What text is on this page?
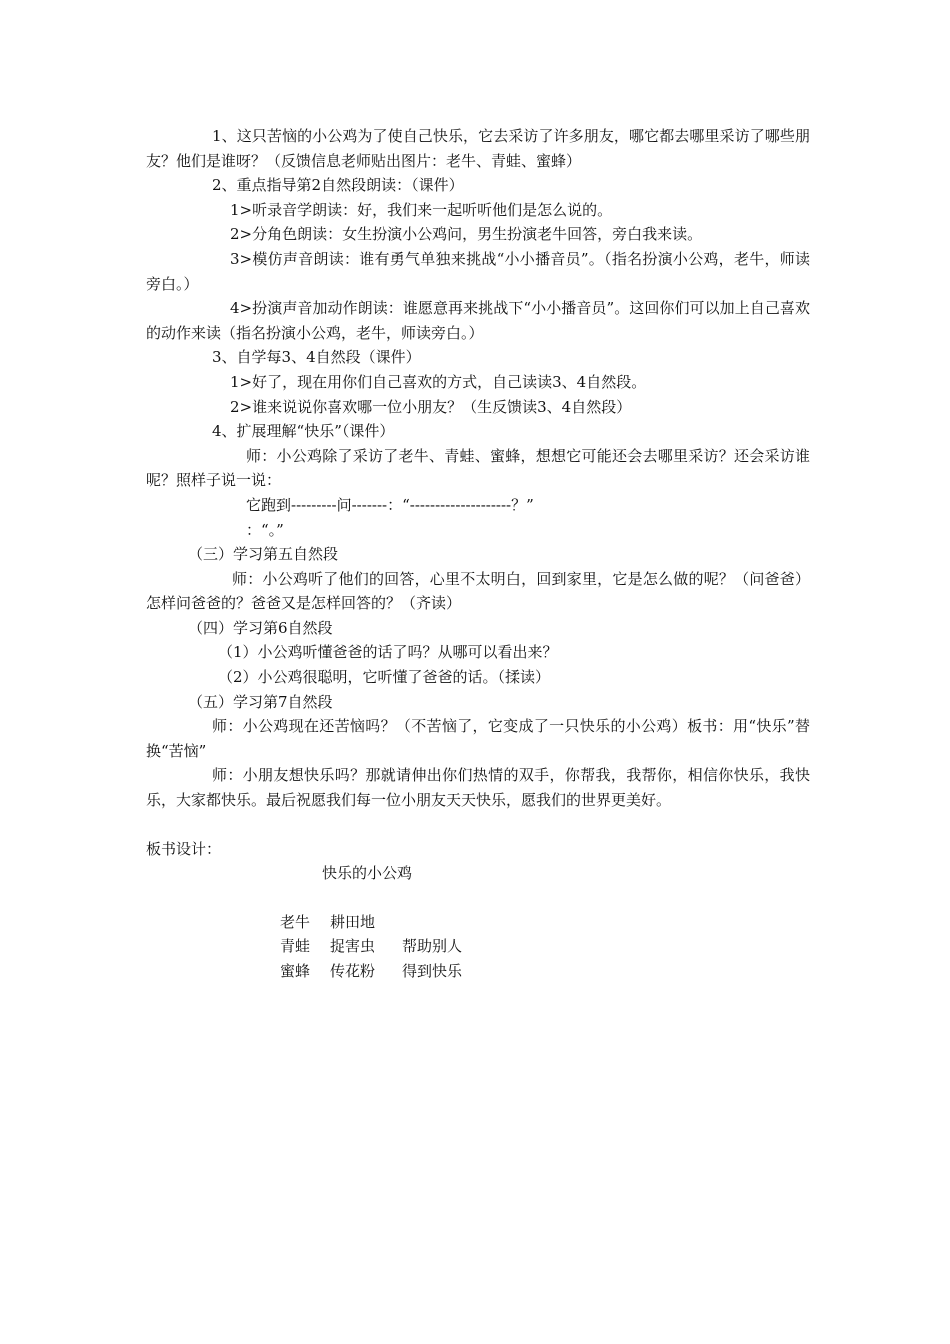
1、这只苦恼的小公鸡为了使自己快乐，它去采访了许多朋友，哪它都去哪里采访了哪些朋友？他们是谁呀？（反馈信息老师贴出图片：老牛、青蛙、蜜蜂）

2、重点指导第2自然段朗读：（课件）

1>听录音学朗读：好，我们来一起听听他们是怎么说的。

2>分角色朗读：女生扮演小公鸡问，男生扮演老牛回答，旁白我来读。

3>模仿声音朗读：谁有勇气单独来挑战“小小播音员”。（指名扮演小公鸡，老牛，师读旁白。）

4>扮演声音加动作朗读：谁愿意再来挑战下“小小播音员”。这回你们可以加上自己喜欢的动作来读（指名扮演小公鸡，老牛，师读旁白。）

3、自学每3、4自然段（课件）

1>好了，现在用你们自己喜欢的方式，自己读读3、4自然段。

2>谁来说说你喜欢哪一位小朋友？（生反馈读3、4自然段）

4、扩展理解“快乐”（课件）

师：小公鸡除了采访了老牛、青蛙、蜜蜂，想想它可能还会去哪里采访？还会采访谁呢？照样子说一说：

它跑到---------问-------：“--------------------？”

：“。”

（三）学习第五自然段

师：小公鸡听了他们的回答，心里不太明白，回到家里，它是怎么做的呢？（问爸爸）怎样问爸爸的？爸爸又是怎样回答的？（齐读）

（四）学习第6自然段

（1）小公鸡听懂爸爸的话了吗？从哪可以看出来？

（2）小公鸡很聪明，它听懂了爸爸的话。（揉读）

（五）学习第7自然段

师：小公鸡现在还苦恼吗？（不苦恼了，它变成了一只快乐的小公鸡）板书：用“快乐”替换“苦恼”

师：小朋友想快乐吗？那就请伸出你们热情的双手，你帮我，我帮你，相信你快乐，我快乐，大家都快乐。最后祝愿我们每一位小朋友天天快乐，愿我们的世界更美好。

板书设计：

快乐的小公鸡

老牛	耕田地
青蛙	捉害虫	帮助别人
蜜蜂	传花粉	得到快乐
